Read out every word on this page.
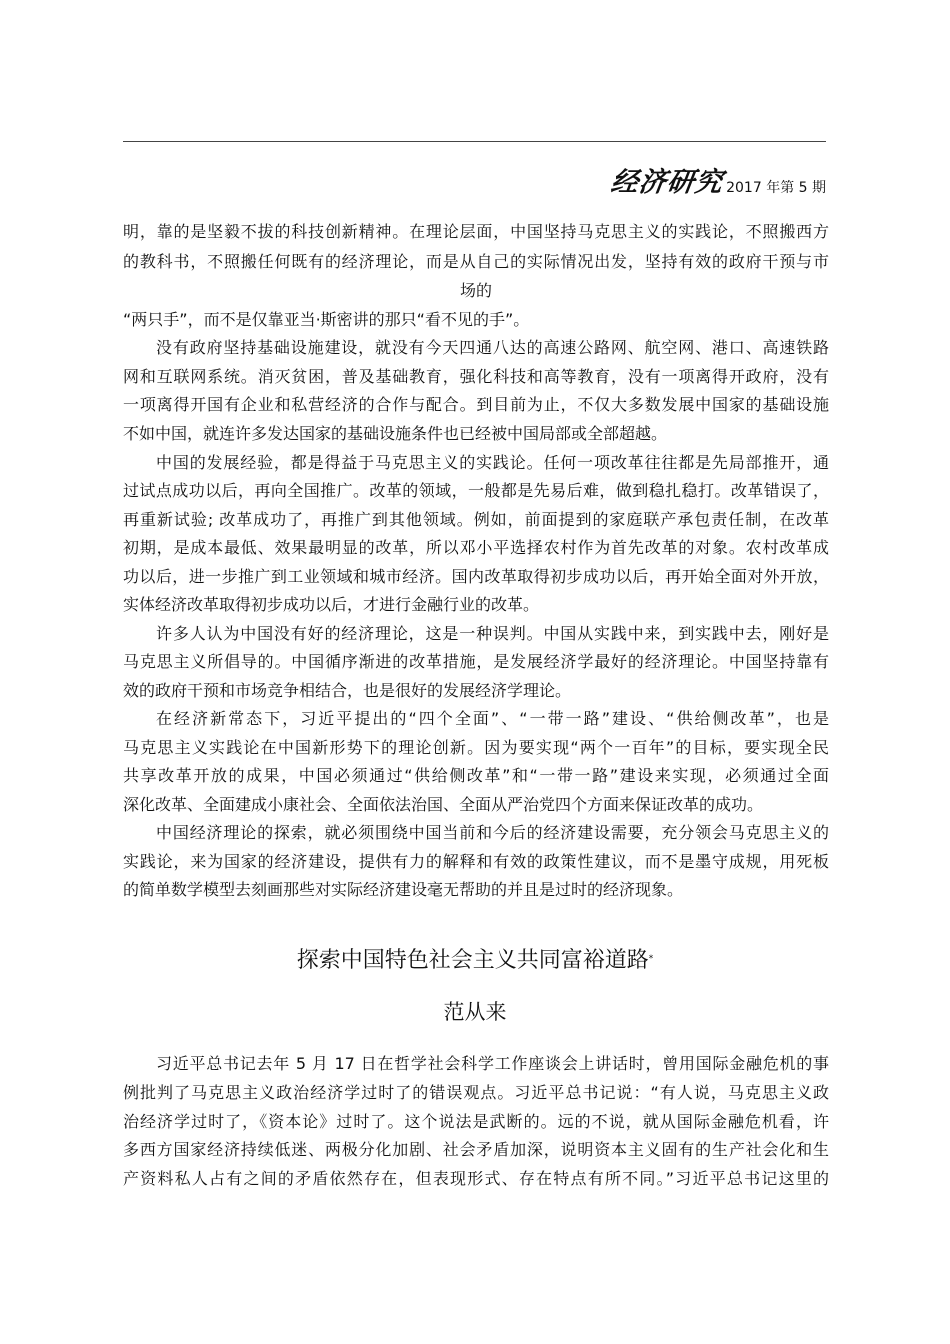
经济研究 2017 年第 5 期
明，靠的是坚毅不拔的科技创新精神。在理论层面，中国坚持马克思主义的实践论，不照搬西方
的教科书，不照搬任何既有的经济理论，而是从自己的实际情况出发，坚持有效的政府干预与市
场的
“两只手”，而不是仅靠亚当·斯密讲的那只“看不见的手”。
没有政府坚持基础设施建设，就没有今天四通八达的高速公路网、航空网、港口、高速铁路
网和互联网系统。消灭贫困，普及基础教育，强化科技和高等教育，没有一项离得开政府，没有
一项离得开国有企业和私营经济的合作与配合。到目前为止，不仅大多数发展中国家的基础设施
不如中国，就连许多发达国家的基础设施条件也已经被中国局部或全部超越。
中国的发展经验，都是得益于马克思主义的实践论。任何一项改革往往都是先局部推开，通
过试点成功以后，再向全国推广。改革的领域，一般都是先易后难，做到稳扎稳打。改革错误了，
再重新试验; 改革成功了，再推广到其他领域。例如，前面提到的家庭联产承包责任制，在改革
初期，是成本最低、效果最明显的改革，所以邓小平选择农村作为首先改革的对象。农村改革成
功以后，进一步推广到工业领域和城市经济。国内改革取得初步成功以后，再开始全面对外开放，
实体经济改革取得初步成功以后，才进行金融行业的改革。
许多人认为中国没有好的经济理论，这是一种误判。中国从实践中来，到实践中去，刚好是
马克思主义所倡导的。中国循序渐进的改革措施，是发展经济学最好的经济理论。中国坚持靠有
效的政府干预和市场竞争相结合，也是很好的发展经济学理论。
在经济新常态下，习近平提出的“四个全面”、“一带一路”建设、“供给侧改革”，也是
马克思主义实践论在中国新形势下的理论创新。因为要实现“两个一百年”的目标，要实现全民
共享改革开放的成果，中国必须通过“供给侧改革”和“一带一路”建设来实现，必须通过全面
深化改革、全面建成小康社会、全面依法治国、全面从严治党四个方面来保证改革的成功。
中国经济理论的探索，就必须围绕中国当前和今后的经济建设需要，充分领会马克思主义的
实践论，来为国家的经济建设，提供有力的解释和有效的政策性建议，而不是墨守成规，用死板
的简单数学模型去刻画那些对实际经济建设毫无帮助的并且是过时的经济现象。
探索中国特色社会主义共同富裕道路*
范从来
习近平总书记去年 5 月 17 日在哲学社会科学工作座谈会上讲话时，曾用国际金融危机的事
例批判了马克思主义政治经济学过时了的错误观点。习近平总书记说：“有人说，马克思主义政
治经济学过时了，《资本论》过时了。这个说法是武断的。远的不说，就从国际金融危机看，许
多西方国家经济持续低迷、两极分化加剧、社会矛盾加深，说明资本主义固有的生产社会化和生
产资料私人占有之间的矛盾依然存在，但表现形式、存在特点有所不同。”习近平总书记这里的
